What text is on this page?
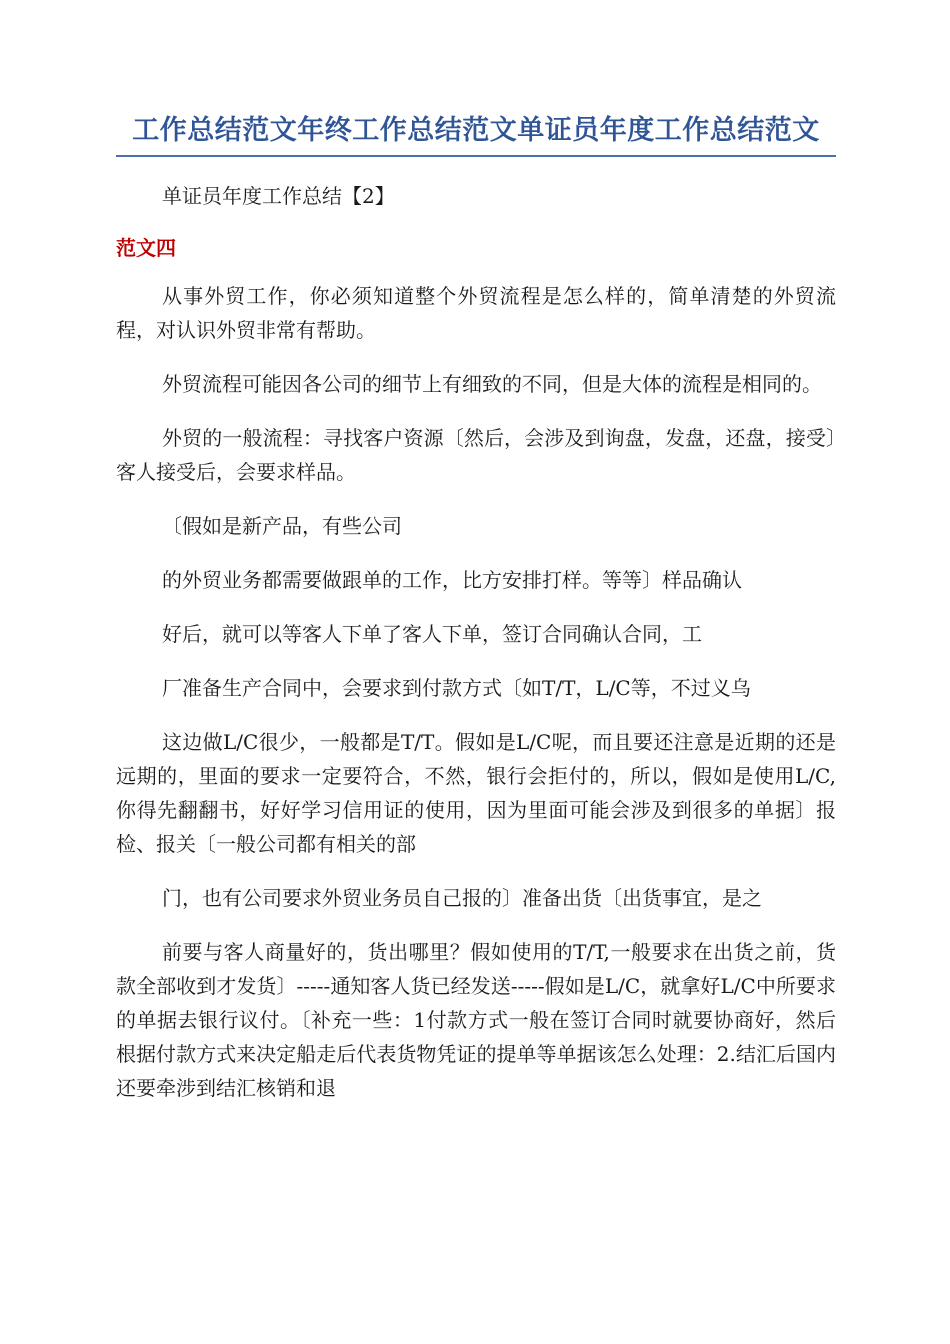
工作总结范文年终工作总结范文单证员年度工作总结范文

单证员年度工作总结【2】

范文四

从事外贸工作，你必须知道整个外贸流程是怎么样的，简单清楚的外贸流程，对认识外贸非常有帮助。

外贸流程可能因各公司的细节上有细致的不同，但是大体的流程是相同的。

外贸的一般流程：寻找客户资源〔然后，会涉及到询盘，发盘，还盘，接受〕客人接受后，会要求样品。

〔假如是新产品，有些公司

的外贸业务都需要做跟单的工作，比方安排打样。等等〕样品确认

好后，就可以等客人下单了客人下单，签订合同确认合同，工

厂准备生产合同中，会要求到付款方式〔如T/T，L/C等，不过义乌

这边做L/C很少，一般都是T/T。假如是L/C呢，而且要还注意是近期的还是远期的，里面的要求一定要符合，不然，银行会拒付的，所以，假如是使用L/C,你得先翻翻书，好好学习信用证的使用，因为里面可能会涉及到很多的单据〕报检、报关〔一般公司都有相关的部

门，也有公司要求外贸业务员自己报的〕准备出货〔出货事宜，是之

前要与客人商量好的，货出哪里？假如使用的T/T,一般要求在出货之前，货款全部收到才发货〕-----通知客人货已经发送-----假如是L/C，就拿好L/C中所要求的单据去银行议付。〔补充一些：1付款方式一般在签订合同时就要协商好，然后根据付款方式来决定船走后代表货物凭证的提单等单据该怎么处理：2.结汇后国内还要牵涉到结汇核销和退
